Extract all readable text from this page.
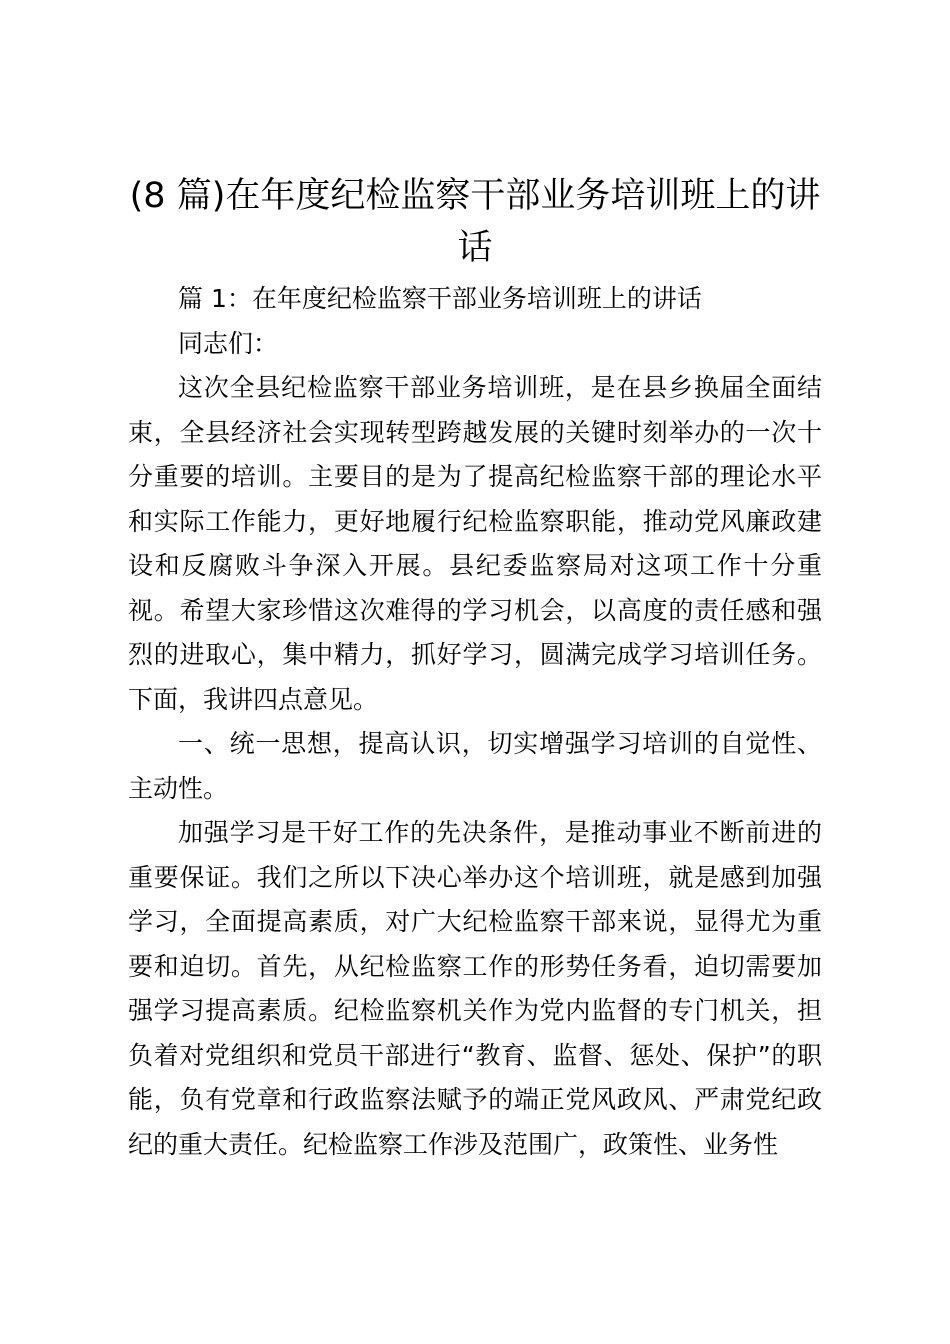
(8 篇)在年度纪检监察干部业务培训班上的讲话

篇 1：在年度纪检监察干部业务培训班上的讲话

同志们：

这次全县纪检监察干部业务培训班，是在县乡换届全面结束，全县经济社会实现转型跨越发展的关键时刻举办的一次十分重要的培训。主要目的是为了提高纪检监察干部的理论水平和实际工作能力，更好地履行纪检监察职能，推动党风廉政建设和反腐败斗争深入开展。县纪委监察局对这项工作十分重视。希望大家珍惜这次难得的学习机会，以高度的责任感和强烈的进取心，集中精力，抓好学习，圆满完成学习培训任务。下面，我讲四点意见。

一、统一思想，提高认识，切实增强学习培训的自觉性、主动性。

加强学习是干好工作的先决条件，是推动事业不断前进的重要保证。我们之所以下决心举办这个培训班，就是感到加强学习，全面提高素质，对广大纪检监察干部来说，显得尤为重要和迫切。首先，从纪检监察工作的形势任务看，迫切需要加强学习提高素质。纪检监察机关作为党内监督的专门机关，担负着对党组织和党员干部进行“教育、监督、惩处、保护”的职能，负有党章和行政监察法赋予的端正党风政风、严肃党纪政纪的重大责任。纪检监察工作涉及范围广，政策性、业务性
